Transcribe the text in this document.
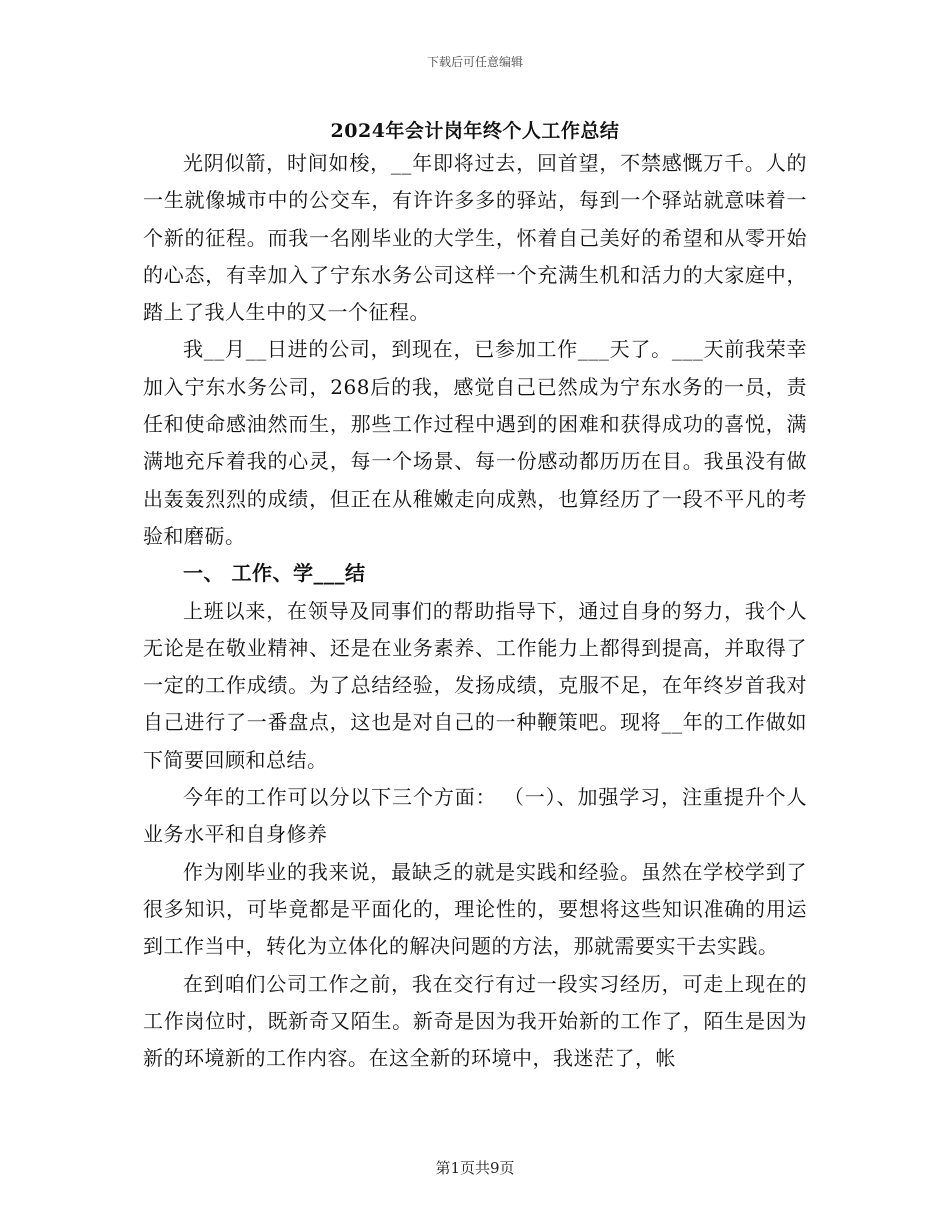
下载后可任意编辑
2024年会计岗年终个人工作总结

光阴似箭，时间如梭，__年即将过去，回首望，不禁感慨万千。人的一生就像城市中的公交车，有许许多多的驿站，每到一个驿站就意味着一个新的征程。而我一名刚毕业的大学生，怀着自己美好的希望和从零开始的心态，有幸加入了宁东水务公司这样一个充满生机和活力的大家庭中，踏上了我人生中的又一个征程。

我__月__日进的公司，到现在，已参加工作___天了。___天前我荣幸加入宁东水务公司，268后的我，感觉自己已然成为宁东水务的一员，责任和使命感油然而生，那些工作过程中遇到的困难和获得成功的喜悦，满满地充斥着我的心灵，每一个场景、每一份感动都历历在目。我虽没有做出轰轰烈烈的成绩，但正在从稚嫩走向成熟，也算经历了一段不平凡的考验和磨砺。

一、 工作、学___结

上班以来，在领导及同事们的帮助指导下，通过自身的努力，我个人无论是在敬业精神、还是在业务素养、工作能力上都得到提高，并取得了一定的工作成绩。为了总结经验，发扬成绩，克服不足，在年终岁首我对自己进行了一番盘点，这也是对自己的一种鞭策吧。现将__年的工作做如下简要回顾和总结。

今年的工作可以分以下三个方面： （一）、加强学习，注重提升个人业务水平和自身修养

作为刚毕业的我来说，最缺乏的就是实践和经验。虽然在学校学到了很多知识，可毕竟都是平面化的，理论性的，要想将这些知识准确的用运到工作当中，转化为立体化的解决问题的方法，那就需要实干去实践。

在到咱们公司工作之前，我在交行有过一段实习经历，可走上现在的工作岗位时，既新奇又陌生。新奇是因为我开始新的工作了，陌生是因为新的环境新的工作内容。在这全新的环境中，我迷茫了，帐

第1页共9页
